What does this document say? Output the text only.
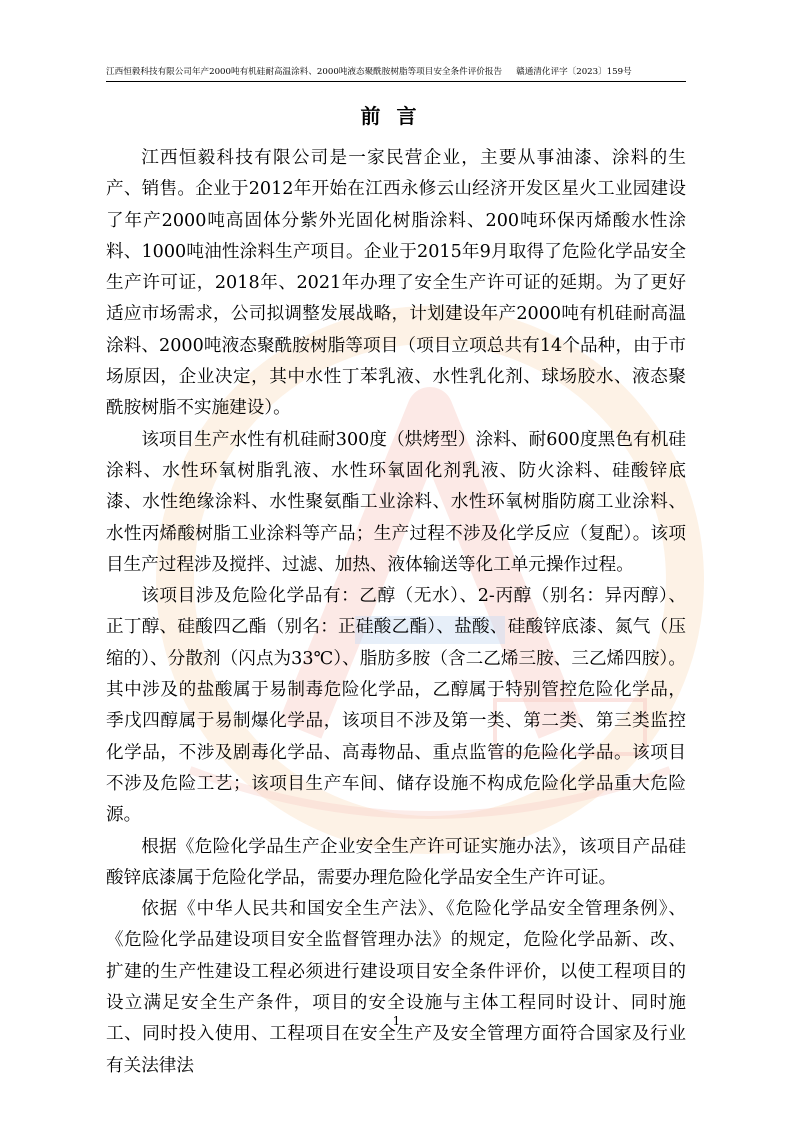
江西恒毅科技有限公司年产2000吨有机硅耐高温涂料、2000吨液态聚酰胺树脂等项目安全条件评价报告 赣通清化评字〔2023〕159号
前言

江西恒毅科技有限公司是一家民营企业，主要从事油漆、涂料的生产、销售。企业于2012年开始在江西永修云山经济开发区星火工业园建设了年产2000吨高固体分紫外光固化树脂涂料、200吨环保丙烯酸水性涂料、1000吨油性涂料生产项目。企业于2015年9月取得了危险化学品安全生产许可证，2018年、2021年办理了安全生产许可证的延期。为了更好适应市场需求，公司拟调整发展战略，计划建设年产2000吨有机硅耐高温涂料、2000吨液态聚酰胺树脂等项目（项目立项总共有14个品种，由于市场原因，企业决定，其中水性丁苯乳液、水性乳化剂、球场胶水、液态聚酰胺树脂不实施建设）。

该项目生产水性有机硅耐300度（烘烤型）涂料、耐600度黑色有机硅涂料、水性环氧树脂乳液、水性环氧固化剂乳液、防火涂料、硅酸锌底漆、水性绝缘涂料、水性聚氨酯工业涂料、水性环氧树脂防腐工业涂料、水性丙烯酸树脂工业涂料等产品；生产过程不涉及化学反应（复配）。该项目生产过程涉及搅拌、过滤、加热、液体输送等化工单元操作过程。

该项目涉及危险化学品有：乙醇（无水）、2-丙醇（别名：异丙醇）、正丁醇、硅酸四乙酯（别名：正硅酸乙酯）、盐酸、硅酸锌底漆、氮气（压缩的）、分散剂（闪点为33℃）、脂肪多胺（含二乙烯三胺、三乙烯四胺）。其中涉及的盐酸属于易制毒危险化学品，乙醇属于特别管控危险化学品，季戊四醇属于易制爆化学品，该项目不涉及第一类、第二类、第三类监控化学品，不涉及剧毒化学品、高毒物品、重点监管的危险化学品。该项目不涉及危险工艺；该项目生产车间、储存设施不构成危险化学品重大危险源。

根据《危险化学品生产企业安全生产许可证实施办法》，该项目产品硅酸锌底漆属于危险化学品，需要办理危险化学品安全生产许可证。

依据《中华人民共和国安全生产法》、《危险化学品安全管理条例》、《危险化学品建设项目安全监督管理办法》的规定，危险化学品新、改、扩建的生产性建设工程必须进行建设项目安全条件评价，以使工程项目的设立满足安全生产条件，项目的安全设施与主体工程同时设计、同时施工、同时投入使用、工程项目在安全生产及安全管理方面符合国家及行业有关法律法

1
